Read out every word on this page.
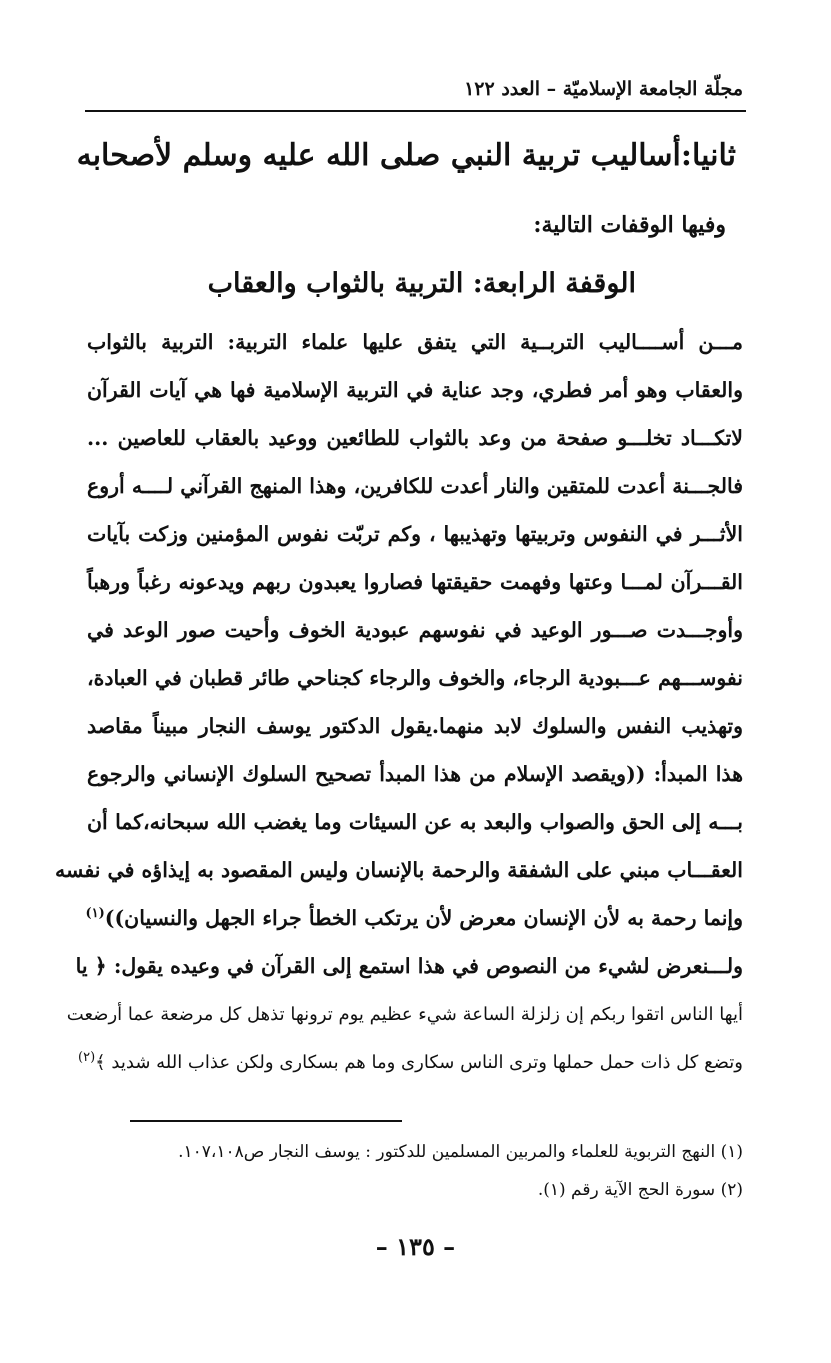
مجلّة الجامعة الإسلاميّة – العدد ١٢٢
ثانيا:أساليب تربية النبي صلى الله عليه وسلم لأصحابه
وفيها الوقفات التالية:
الوقفة الرابعة: التربية بالثواب والعقاب
مـــن أســــاليب التربــية التي يتفق عليها علماء التربية: التربية بالثواب
والعقاب وهو أمر فطري، وجد عناية في التربية الإسلامية فها هي آيات القرآن
لاتكـــاد تخلـــو صفحة من وعد بالثواب للطائعين ووعيد بالعقاب للعاصين ...
فالجـــنة أعدت للمتقين والنار أعدت للكافرين، وهذا المنهج القرآني لــــه أروع
الأثـــر في النفوس وتربيتها وتهذيبها ، وكم تربّت نفوس المؤمنين وزكت بآيات
القـــرآن لمـــا وعتها وفهمت حقيقتها فصاروا يعبدون ربهم ويدعونه رغباً ورهباً
وأوجـــدت صـــور الوعيد في نفوسهم عبودية الخوف وأحيت صور الوعد في
نفوســـهم عـــبودية الرجاء، والخوف والرجاء كجناحي طائر قطبان في العبادة،
وتهذيب النفس والسلوك لابد منهما.يقول الدكتور يوسف النجار مبيناً مقاصد
هذا المبدأ: ((ويقصد الإسلام من هذا المبدأ تصحيح السلوك الإنساني والرجوع
بـــه إلى الحق والصواب والبعد به عن السيئات وما يغضب الله سبحانه،كما أن
العقـــاب مبني على الشفقة والرحمة بالإنسان وليس المقصود به إيذاؤه في نفسه
وإنما رحمة به لأن الإنسان معرض لأن يرتكب الخطأ جراء الجهل والنسيان))$^{(١)}$
ولـــنعرض لشيء من النصوص في هذا استمع إلى القرآن في وعيده يقول: ﴿ يا
أيها الناس اتقوا ربكم إن زلزلة الساعة شيء عظيم يوم ترونها تذهل كل مرضعة عما أرضعت
وتضع كل ذات حمل حملها وترى الناس سكارى وما هم بسكارى ولكن عذاب الله شديد ﴾$^{(٢)}$
(١) النهج التربوية للعلماء والمربين المسلمين للدكتور : يوسف النجار ص١٠٧،١٠٨.
(٢) سورة الحج الآية رقم (١).
– ١٣٥ –
